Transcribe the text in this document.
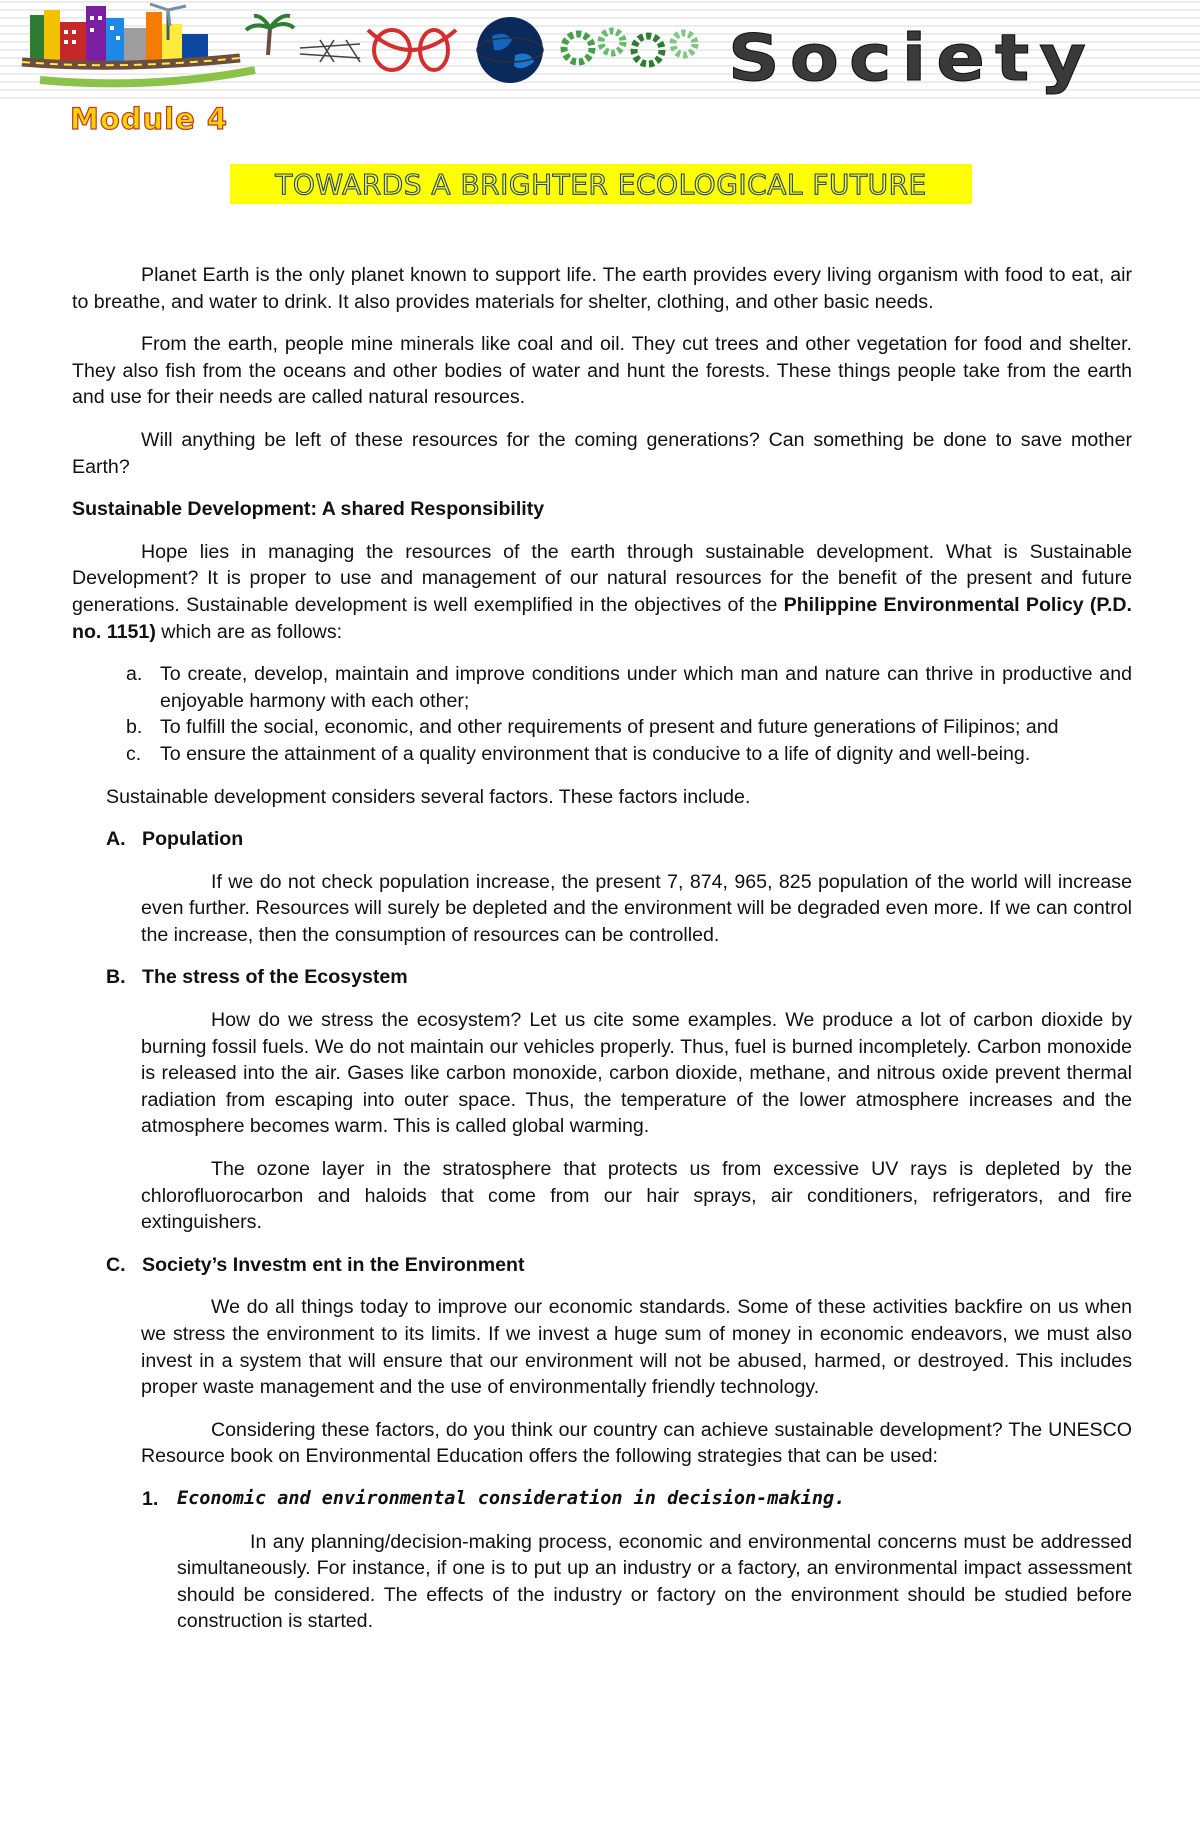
Society
Module 4
TOWARDS A BRIGHTER ECOLOGICAL FUTURE

Planet Earth is the only planet known to support life. The earth provides every living organism with food to eat, air to breathe, and water to drink. It also provides materials for shelter, clothing, and other basic needs.

From the earth, people mine minerals like coal and oil. They cut trees and other vegetation for food and shelter. They also fish from the oceans and other bodies of water and hunt the forests. These things people take from the earth and use for their needs are called natural resources.

Will anything be left of these resources for the coming generations? Can something be done to save mother Earth?

Sustainable Development: A shared Responsibility

Hope lies in managing the resources of the earth through sustainable development. What is Sustainable Development? It is proper to use and management of our natural resources for the benefit of the present and future generations. Sustainable development is well exemplified in the objectives of the Philippine Environmental Policy (P.D. no. 1151) which are as follows:

a. To create, develop, maintain and improve conditions under which man and nature can thrive in productive and enjoyable harmony with each other;
b. To fulfill the social, economic, and other requirements of present and future generations of Filipinos; and
c. To ensure the attainment of a quality environment that is conducive to a life of dignity and well-being.

Sustainable development considers several factors. These factors include.

A. Population

If we do not check population increase, the present 7, 874, 965, 825 population of the world will increase even further. Resources will surely be depleted and the environment will be degraded even more. If we can control the increase, then the consumption of resources can be controlled.

B. The stress of the Ecosystem

How do we stress the ecosystem? Let us cite some examples. We produce a lot of carbon dioxide by burning fossil fuels. We do not maintain our vehicles properly. Thus, fuel is burned incompletely. Carbon monoxide is released into the air. Gases like carbon monoxide, carbon dioxide, methane, and nitrous oxide prevent thermal radiation from escaping into outer space. Thus, the temperature of the lower atmosphere increases and the atmosphere becomes warm. This is called global warming.

The ozone layer in the stratosphere that protects us from excessive UV rays is depleted by the chlorofluorocarbon and haloids that come from our hair sprays, air conditioners, refrigerators, and fire extinguishers.

C. Society’s Investm ent in the Environment

We do all things today to improve our economic standards. Some of these activities backfire on us when we stress the environment to its limits. If we invest a huge sum of money in economic endeavors, we must also invest in a system that will ensure that our environment will not be abused, harmed, or destroyed. This includes proper waste management and the use of environmentally friendly technology.

Considering these factors, do you think our country can achieve sustainable development? The UNESCO Resource book on Environmental Education offers the following strategies that can be used:

1. Economic and environmental consideration in decision-making.

In any planning/decision-making process, economic and environmental concerns must be addressed simultaneously. For instance, if one is to put up an industry or a factory, an environmental impact assessment should be considered. The effects of the industry or factory on the environment should be studied before construction is started.
